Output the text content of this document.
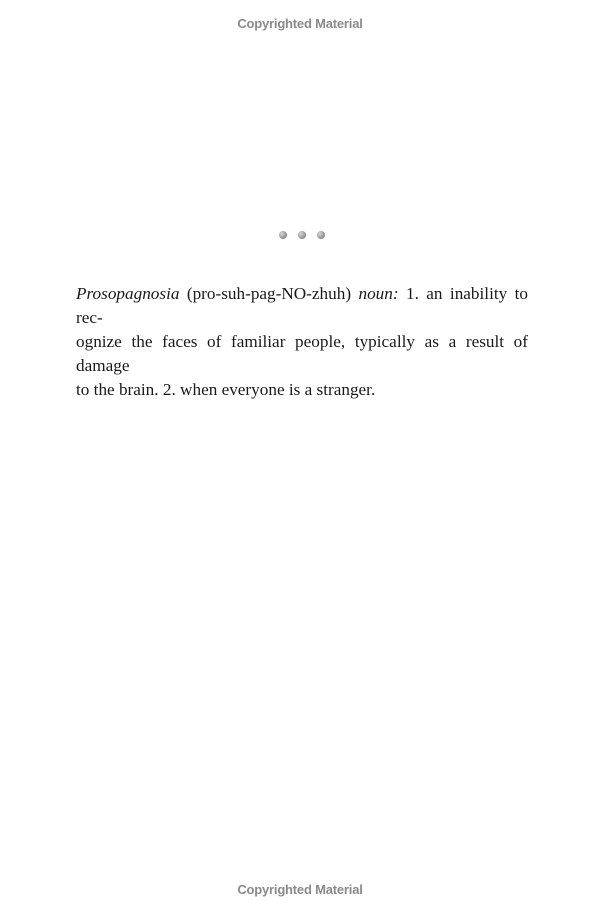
Copyrighted Material

Prosopagnosia (pro-suh-pag-NO-zhuh) noun: 1. an inability to rec-
ognize the faces of familiar people, typically as a result of damage
to the brain. 2. when everyone is a stranger.

Copyrighted Material
